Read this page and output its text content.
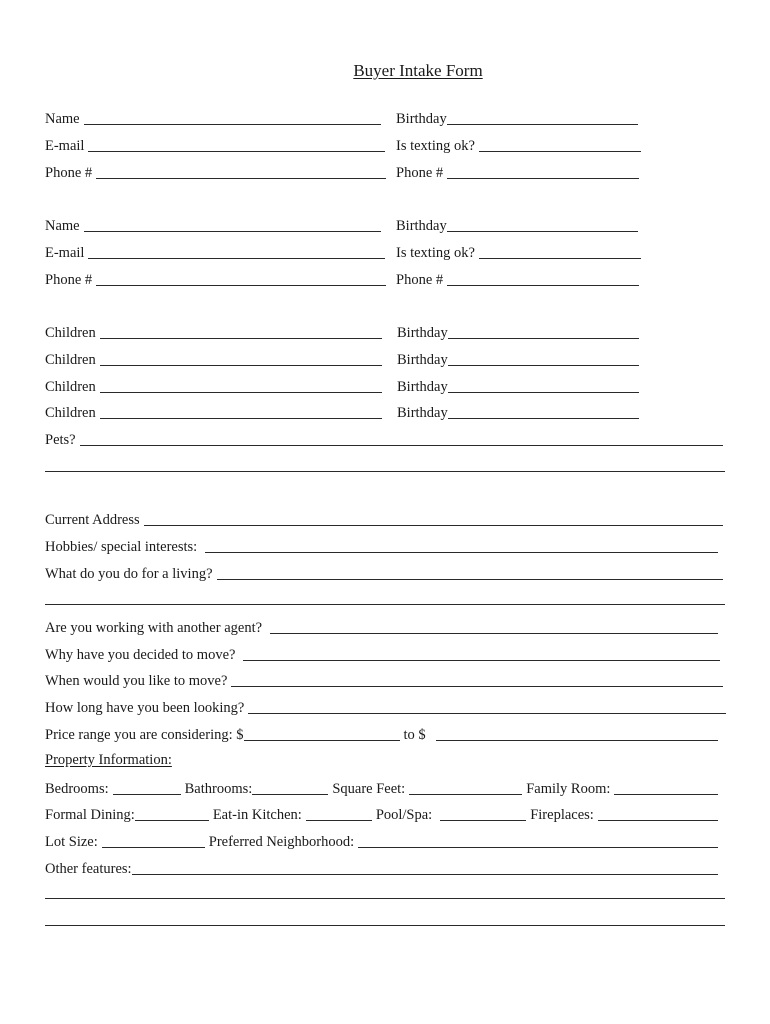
Buyer Intake Form
Name	Birthday
E-mail	Is texting ok?
Phone #	Phone #
Name	Birthday
E-mail	Is texting ok?
Phone #	Phone #
Children	Birthday
Children	Birthday
Children	Birthday
Children	Birthday
Pets?
Current Address
Hobbies/ special interests:
What do you do for a living?
Are you working with another agent?
Why have you decided to move?
When would you like to move?
How long have you been looking?
Price range you are considering: $	to $
Property Information:
Bedrooms:	Bathrooms:	Square Feet:	Family Room:
Formal Dining:	Eat-in Kitchen:	Pool/Spa:	Fireplaces:
Lot Size:	Preferred Neighborhood:
Other features:
